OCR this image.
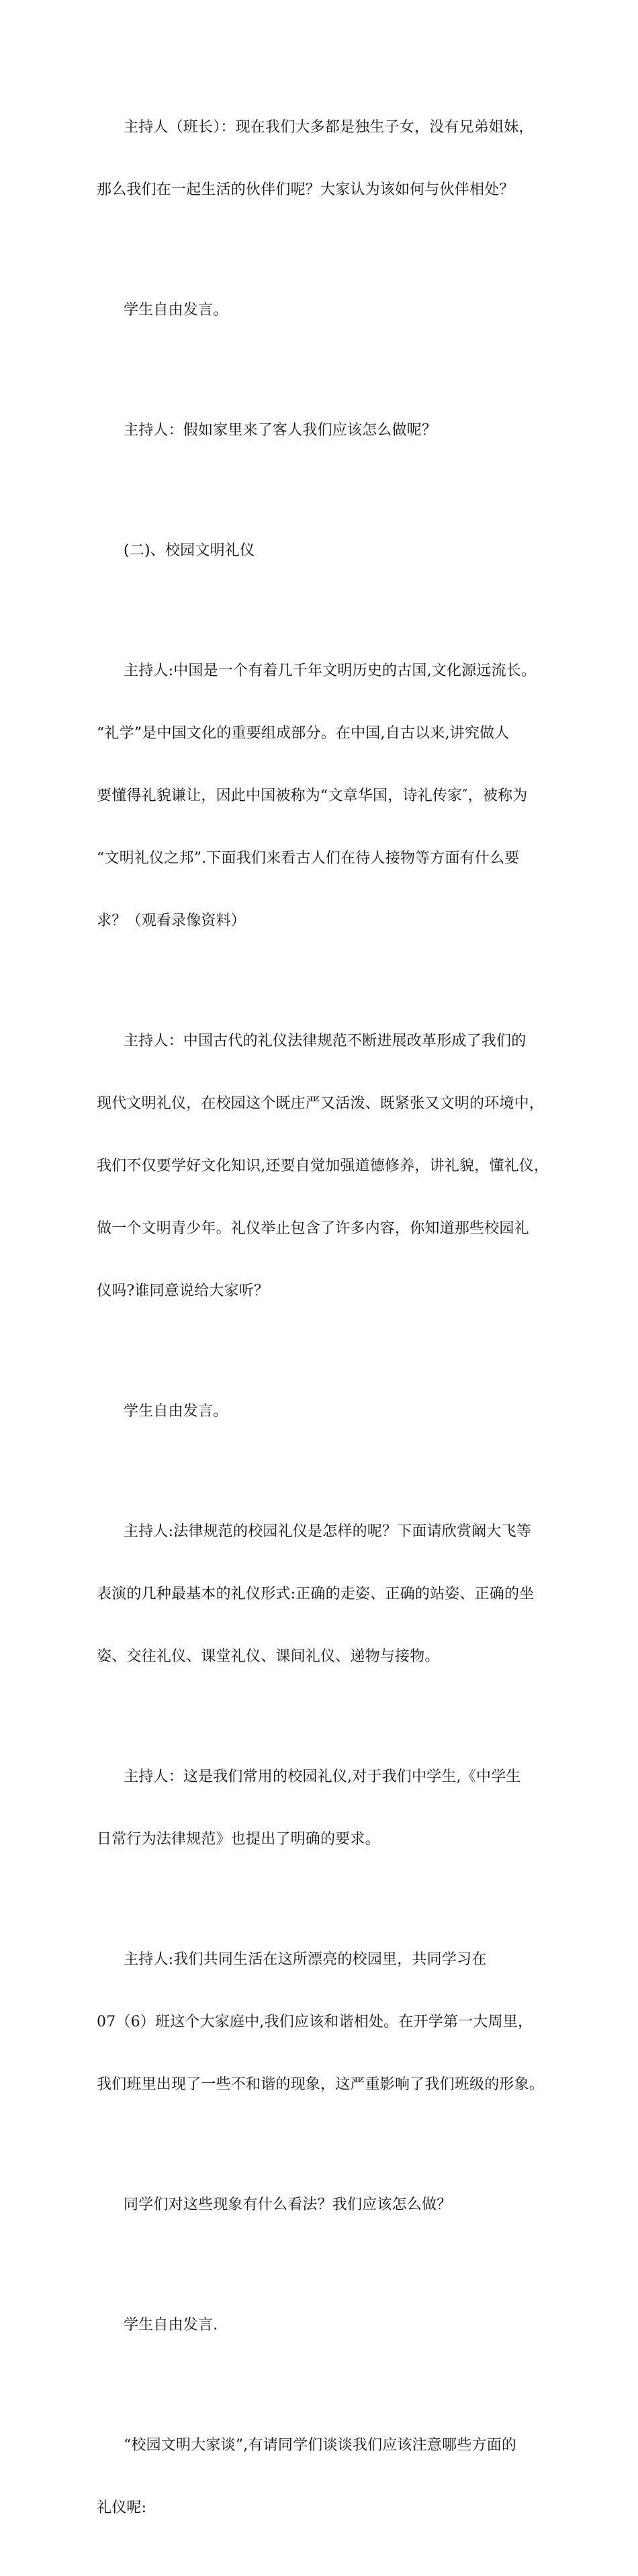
主持人（班长）：现在我们大多都是独生子女，没有兄弟姐妹，

那么我们在一起生活的伙伴们呢？大家认为该如何与伙伴相处？

学生自由发言。

主持人：假如家里来了客人我们应该怎么做呢？

(二)、校园文明礼仪

主持人:中国是一个有着几千年文明历史的古国,文化源远流长。

“礼学”是中国文化的重要组成部分。在中国,自古以来,讲究做人

要懂得礼貌谦让，因此中国被称为“文章华国，诗礼传家″，被称为

“文明礼仪之邦”.下面我们来看古人们在待人接物等方面有什么要

求？（观看录像资料）

主持人：中国古代的礼仪法律规范不断进展改革形成了我们的

现代文明礼仪，在校园这个既庄严又活泼、既紧张又文明的环境中，

我们不仅要学好文化知识,还要自觉加强道德修养，讲礼貌，懂礼仪，

做一个文明青少年。礼仪举止包含了许多内容，你知道那些校园礼

仪吗?谁同意说给大家听？

学生自由发言。

主持人:法律规范的校园礼仪是怎样的呢？下面请欣赏阚大飞等

表演的几种最基本的礼仪形式:正确的走姿、正确的站姿、正确的坐

姿、交往礼仪、课堂礼仪、课间礼仪、递物与接物。

主持人：这是我们常用的校园礼仪,对于我们中学生,《中学生

日常行为法律规范》也提出了明确的要求。

主持人:我们共同生活在这所漂亮的校园里，共同学习在

07（6）班这个大家庭中,我们应该和谐相处。在开学第一大周里，

我们班里出现了一些不和谐的现象，这严重影响了我们班级的形象。

同学们对这些现象有什么看法？我们应该怎么做？

学生自由发言.

“校园文明大家谈”,有请同学们谈谈我们应该注意哪些方面的

礼仪呢:
